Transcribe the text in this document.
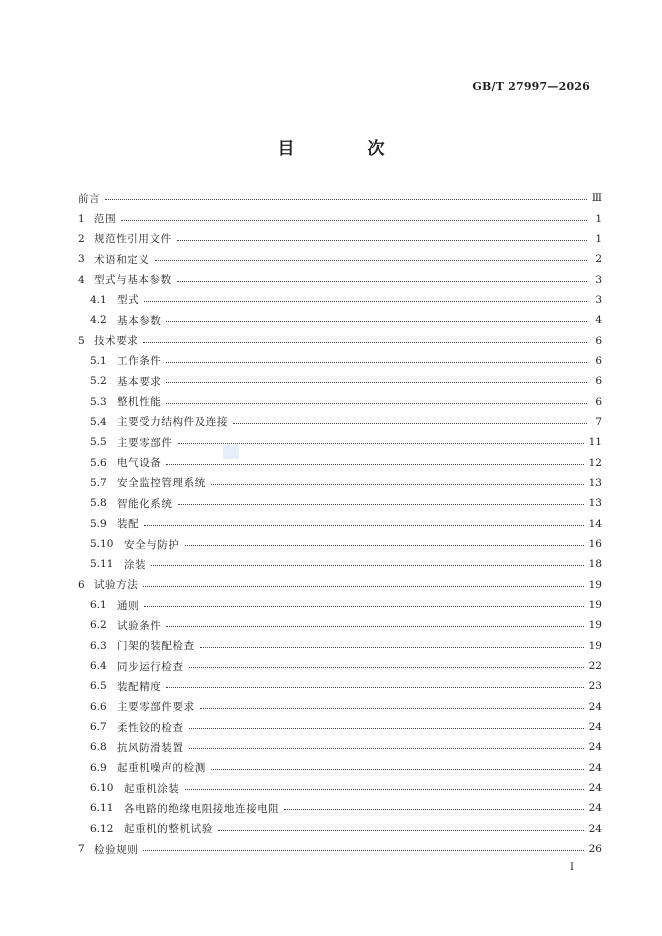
GB/T 27997—2026
目　次
前言	Ⅲ
1 范围	1
2 规范性引用文件	1
3 术语和定义	2
4 型式与基本参数	3
4.1 型式	3
4.2 基本参数	4
5 技术要求	6
5.1 工作条件	6
5.2 基本要求	6
5.3 整机性能	6
5.4 主要受力结构件及连接	7
5.5 主要零部件	11
5.6 电气设备	12
5.7 安全监控管理系统	13
5.8 智能化系统	13
5.9 装配	14
5.10	安全与防护	16
5.11	涂装	18
6 试验方法	19
6.1 通则	19
6.2 试验条件	19
6.3 门架的装配检查	19
6.4 同步运行检查	22
6.5 装配精度	23
6.6 主要零部件要求	24
6.7 柔性铰的检查	24
6.8 抗风防滑装置	24
6.9 起重机噪声的检测	24
6.10	起重机涂装	24
6.11	各电路的绝缘电阻接地连接电阻	24
6.12	起重机的整机试验	24
7 检验规则	26
Ⅰ
